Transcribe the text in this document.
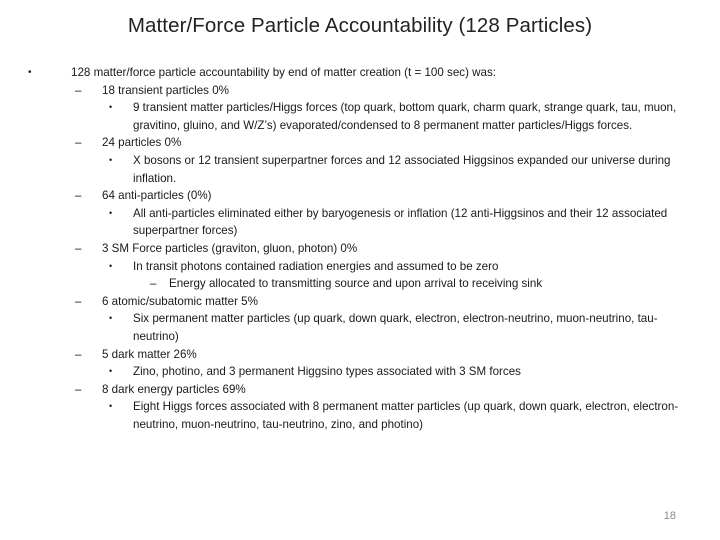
Matter/Force Particle Accountability (128 Particles)
•	128 matter/force particle accountability by end of matter creation (t = 100 sec) was:
– 18 transient particles 0%
• 9 transient matter particles/Higgs forces (top quark, bottom quark, charm quark, strange quark, tau, muon, gravitino, gluino, and W/Z’s) evaporated/condensed to 8 permanent matter particles/Higgs forces.
– 24 particles 0%
• X bosons or 12 transient superpartner forces and 12 associated Higgsinos expanded our universe during inflation.
– 64 anti-particles (0%)
• All anti-particles eliminated either by baryogenesis or inflation (12 anti-Higgsinos and their 12 associated superpartner forces)
– 3 SM Force particles (graviton, gluon, photon) 0%
• In transit photons contained radiation energies and assumed to be zero
– Energy allocated to transmitting source and upon arrival to receiving sink
– 6 atomic/subatomic matter 5%
• Six permanent matter particles (up quark, down quark, electron, electron-neutrino, muon-neutrino, tau-neutrino)
– 5 dark matter 26%
• Zino, photino, and 3 permanent Higgsino types associated with 3 SM forces
– 8 dark energy particles 69%
• Eight Higgs forces associated with 8 permanent matter particles (up quark, down quark, electron, electron-neutrino, muon-neutrino, tau-neutrino, zino, and photino)
18
